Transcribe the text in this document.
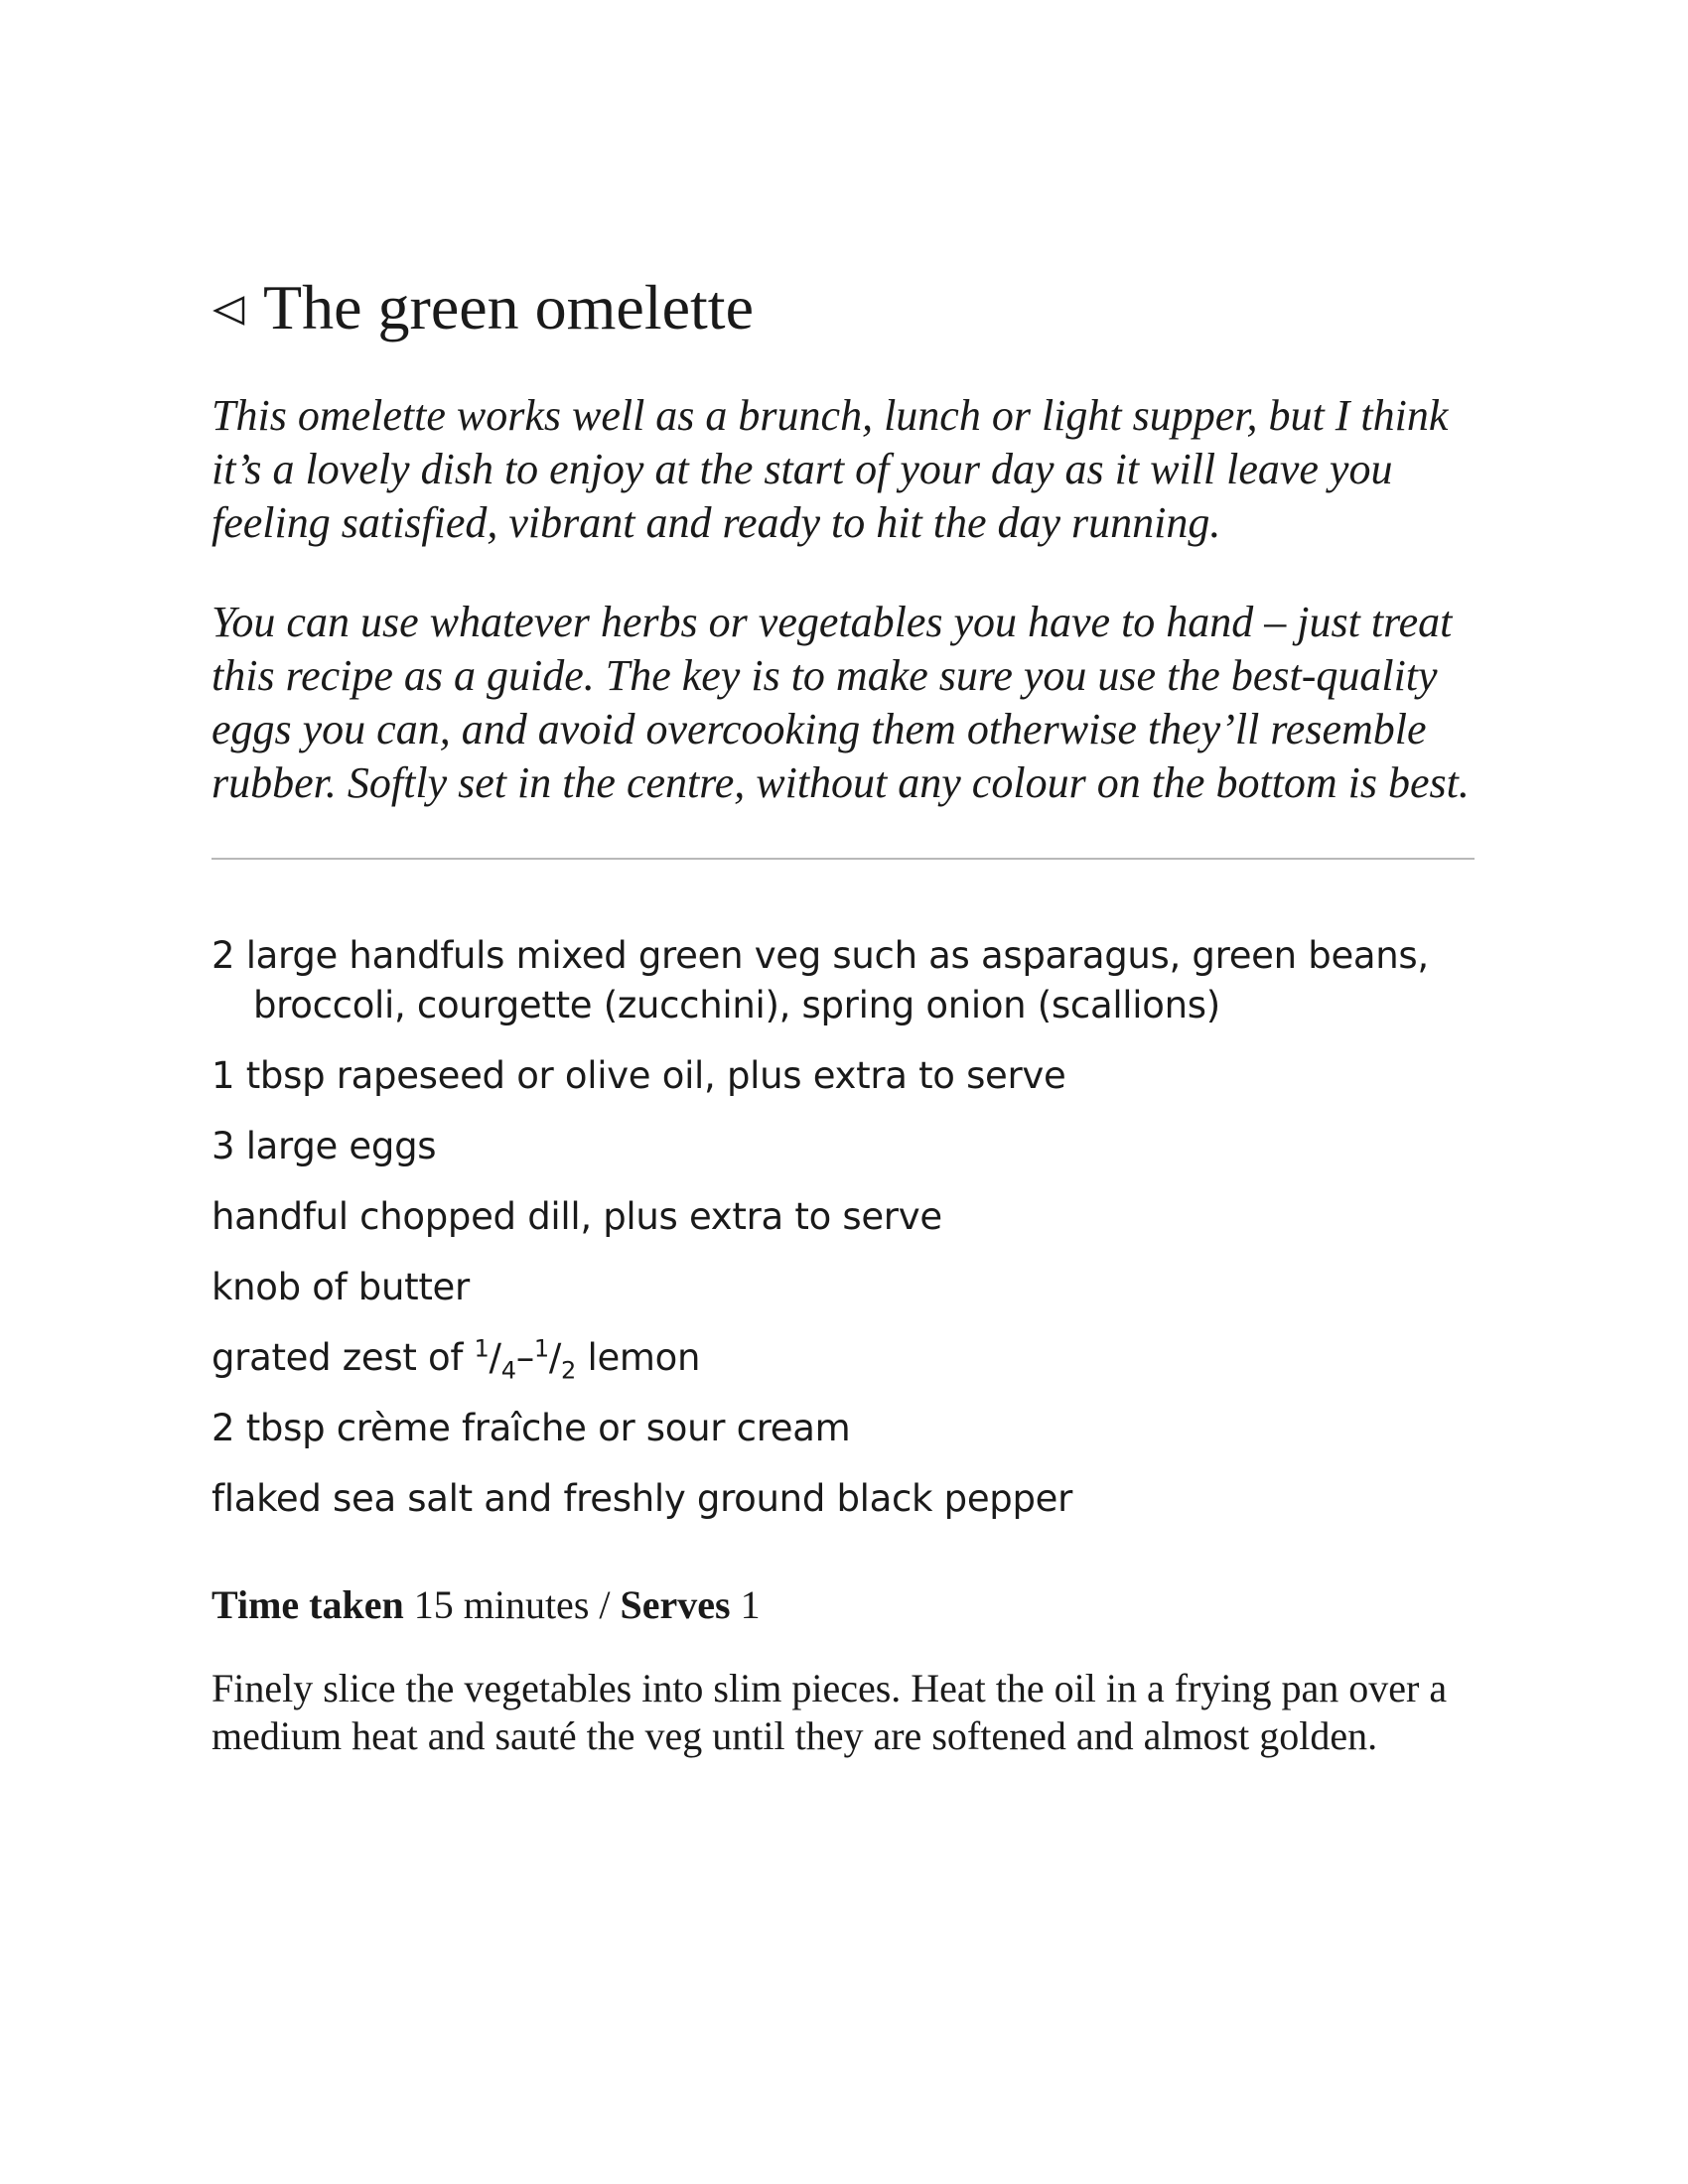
The green omelette

This omelette works well as a brunch, lunch or light supper, but I think it’s a lovely dish to enjoy at the start of your day as it will leave you feeling satisfied, vibrant and ready to hit the day running.

You can use whatever herbs or vegetables you have to hand – just treat this recipe as a guide. The key is to make sure you use the best-quality eggs you can, and avoid overcooking them otherwise they’ll resemble rubber. Softly set in the centre, without any colour on the bottom is best.

2 large handfuls mixed green veg such as asparagus, green beans, broccoli, courgette (zucchini), spring onion (scallions)
1 tbsp rapeseed or olive oil, plus extra to serve
3 large eggs
handful chopped dill, plus extra to serve
knob of butter
grated zest of $^1/_4-^1/_2$ lemon
2 tbsp crème fraîche or sour cream
flaked sea salt and freshly ground black pepper

Time taken 15 minutes / Serves 1

Finely slice the vegetables into slim pieces. Heat the oil in a frying pan over a medium heat and sauté the veg until they are softened and almost golden.
